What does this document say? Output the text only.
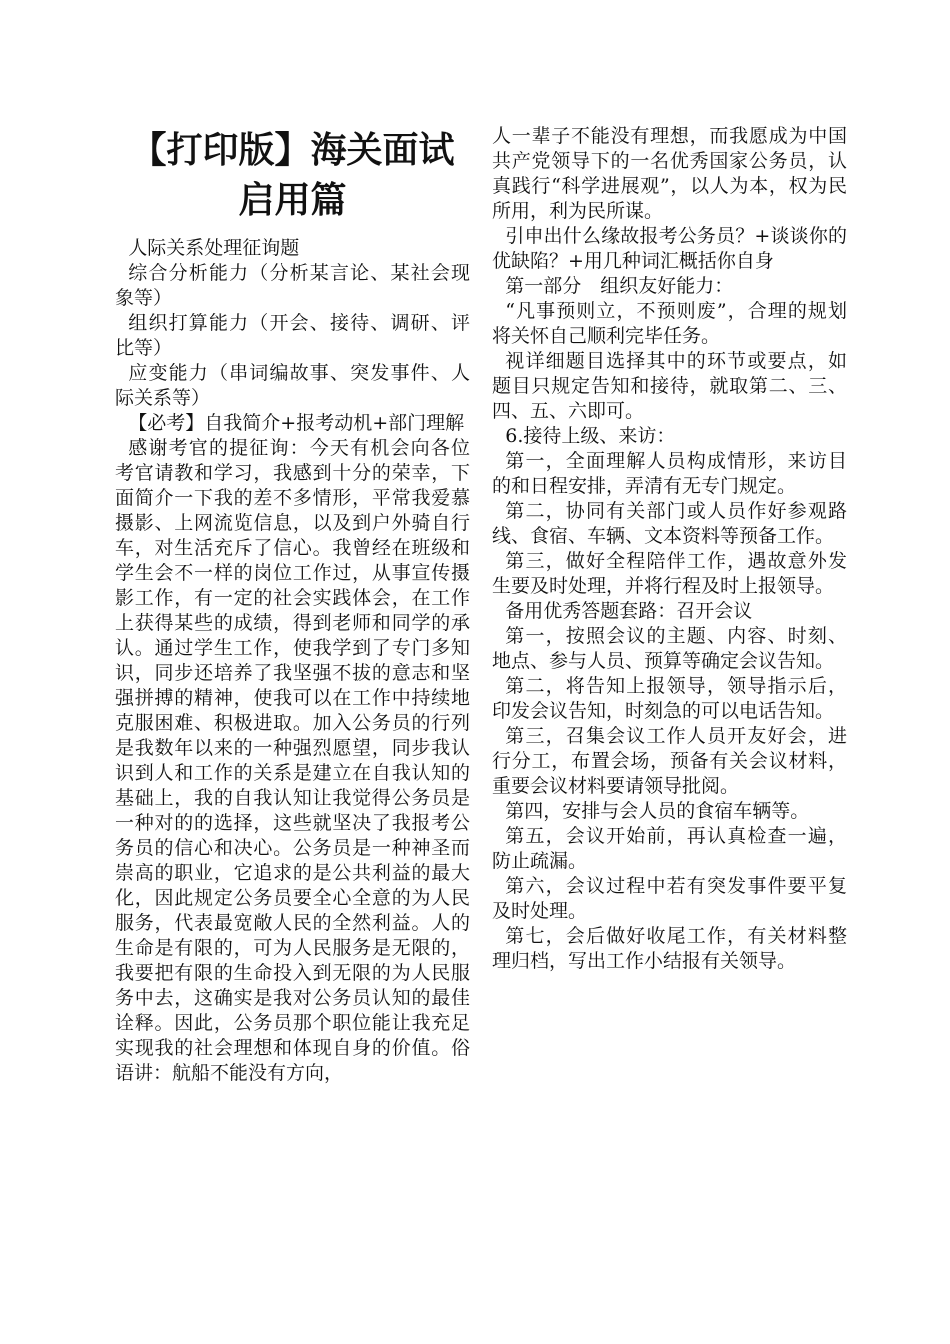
【打印版】海关面试
启用篇

人际关系处理征询题

综合分析能力（分析某言论、某社会现象等）

组织打算能力（开会、接待、调研、评比等）

应变能力（串词编故事、突发事件、人际关系等）

【必考】自我简介+报考动机+部门理解

感谢考官的提征询：今天有机会向各位考官请教和学习，我感到十分的荣幸，下面简介一下我的差不多情形，平常我爱慕摄影、上网流览信息，以及到户外骑自行车，对生活充斥了信心。我曾经在班级和学生会不一样的岗位工作过，从事宣传摄影工作，有一定的社会实践体会，在工作上获得某些的成绩，得到老师和同学的承认。通过学生工作，使我学到了专门多知识，同步还培养了我坚强不拔的意志和坚强拼搏的精神，使我可以在工作中持续地克服困难、积极进取。加入公务员的行列是我数年以来的一种强烈愿望，同步我认识到人和工作的关系是建立在自我认知的基础上，我的自我认知让我觉得公务员是一种对的的选择，这些就坚决了我报考公务员的信心和决心。公务员是一种神圣而崇高的职业，它追求的是公共利益的最大化，因此规定公务员要全心全意的为人民服务，代表最宽敞人民的全然利益。人的生命是有限的，可为人民服务是无限的，我要把有限的生命投入到无限的为人民服务中去，这确实是我对公务员认知的最佳诠释。因此，公务员那个职位能让我充足实现我的社会理想和体现自身的价值。俗语讲：航船不能没有方向，

人一辈子不能没有理想，而我愿成为中国共产党领导下的一名优秀国家公务员，认真践行“科学进展观”，以人为本，权为民所用，利为民所谋。

引申出什么缘故报考公务员？+谈谈你的优缺陷？+用几种词汇概括你自身

第一部分　组织友好能力：

“凡事预则立，不预则废”，合理的规划将关怀自己顺利完毕任务。

视详细题目选择其中的环节或要点，如题目只规定告知和接待，就取第二、三、四、五、六即可。

6.接待上级、来访：

第一，全面理解人员构成情形，来访目的和日程安排，弄清有无专门规定。

第二，协同有关部门或人员作好参观路线、食宿、车辆、文本资料等预备工作。

第三，做好全程陪伴工作，遇故意外发生要及时处理，并将行程及时上报领导。

备用优秀答题套路：召开会议

第一，按照会议的主题、内容、时刻、地点、参与人员、预算等确定会议告知。

第二，将告知上报领导，领导指示后，印发会议告知，时刻急的可以电话告知。

第三，召集会议工作人员开友好会，进行分工，布置会场，预备有关会议材料，重要会议材料要请领导批阅。

第四，安排与会人员的食宿车辆等。

第五，会议开始前，再认真检查一遍，防止疏漏。

第六，会议过程中若有突发事件要平复及时处理。

第七，会后做好收尾工作，有关材料整理归档，写出工作小结报有关领导。
